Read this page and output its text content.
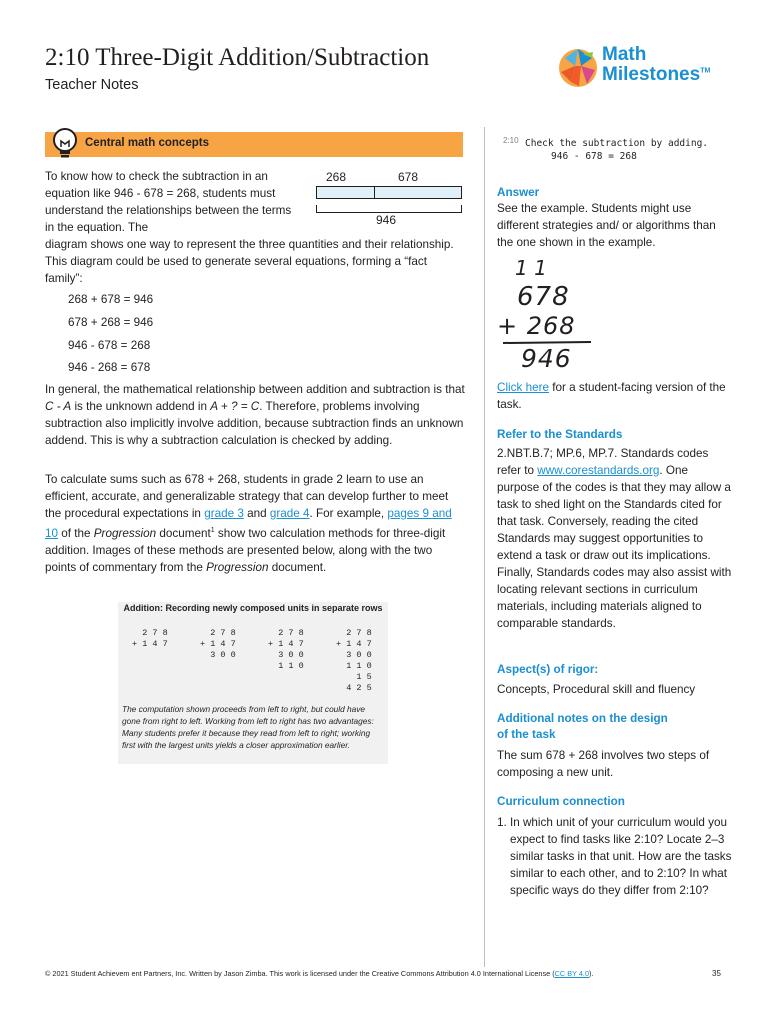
2:10 Three-Digit Addition/Subtraction
Teacher Notes
Math
Milestones™
Central math concepts
To know how to check the subtraction in an equation like 946 - 678 = 268, students must understand the relationships between the terms in the equation. The
268	678
946
diagram shows one way to represent the three quantities and their relationship. This diagram could be used to generate several equations, forming a “fact family”:
268 + 678 = 946
678 + 268 = 946
946 - 678 = 268
946 - 268 = 678
In general, the mathematical relationship between addition and subtraction is that C - A is the unknown addend in A + ? = C. Therefore, problems involving subtraction also implicitly involve addition, because subtraction finds an unknown addend. This is why a subtraction calculation is checked by adding.
To calculate sums such as 678 + 268, students in grade 2 learn to use an efficient, accurate, and generalizable strategy that can develop further to meet the procedural expectations in grade 3 and grade 4. For example, pages 9 and 10 of the Progression document$^1$ show two calculation methods for three-digit addition. Images of these methods are presented below, along with the two points of commentary from the Progression document.
Addition: Recording newly composed units in separate rows
2 7 8
+ 1 4 7
2 7 8
+ 1 4 7
3 0 0
2 7 8
+ 1 4 7
3 0 0
1 1 0
2 7 8
+ 1 4 7
3 0 0
1 1 0
1 5
4 2 5
The computation shown proceeds from left to right, but could have gone from right to left. Working from left to right has two advantages: Many students prefer it because they read from left to right; working first with the largest units yields a closer approximation earlier.
2:10 Check the subtraction by adding.
946 - 678 = 268
Answer
See the example. Students might use different strategies and/ or algorithms than the one shown in the example.
1 1
678
+ 268
946
Click here for a student-facing version of the task.
Refer to the Standards
2.NBT.B.7; MP.6, MP.7. Standards codes refer to www.corestandards.org. One purpose of the codes is that they may allow a task to shed light on the Standards cited for that task. Conversely, reading the cited Standards may suggest opportunities to extend a task or draw out its implications. Finally, Standards codes may also assist with locating relevant sections in curriculum materials, including materials aligned to comparable standards.
Aspect(s) of rigor:
Concepts, Procedural skill and fluency
Additional notes on the design
of the task
The sum 678 + 268 involves two steps of composing a new unit.
Curriculum connection
1. In which unit of your curriculum would you expect to find tasks like 2:10? Locate 2–3 similar tasks in that unit. How are the tasks similar to each other, and to 2:10? In what specific ways do they differ from 2:10?
© 2021 Student Achievem ent Partners, Inc. Written by Jason Zimba. This work is licensed under the Creative Commons Attribution 4.0 International License (CC BY 4.0).	35
